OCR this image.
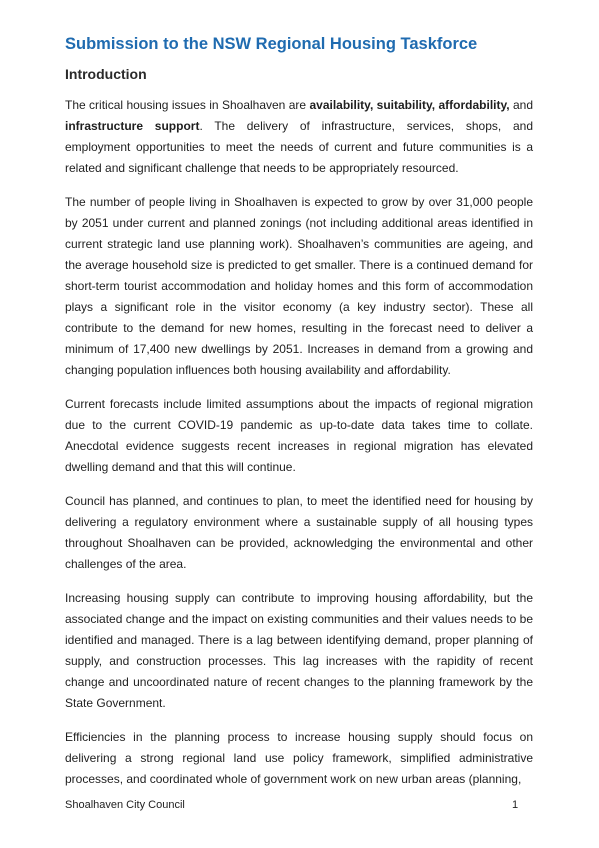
Submission to the NSW Regional Housing Taskforce
Introduction

The critical housing issues in Shoalhaven are availability, suitability, affordability, and infrastructure support. The delivery of infrastructure, services, shops, and employment opportunities to meet the needs of current and future communities is a related and significant challenge that needs to be appropriately resourced.

The number of people living in Shoalhaven is expected to grow by over 31,000 people by 2051 under current and planned zonings (not including additional areas identified in current strategic land use planning work). Shoalhaven’s communities are ageing, and the average household size is predicted to get smaller. There is a continued demand for short-term tourist accommodation and holiday homes and this form of accommodation plays a significant role in the visitor economy (a key industry sector). These all contribute to the demand for new homes, resulting in the forecast need to deliver a minimum of 17,400 new dwellings by 2051. Increases in demand from a growing and changing population influences both housing availability and affordability.

Current forecasts include limited assumptions about the impacts of regional migration due to the current COVID-19 pandemic as up-to-date data takes time to collate. Anecdotal evidence suggests recent increases in regional migration has elevated dwelling demand and that this will continue.

Council has planned, and continues to plan, to meet the identified need for housing by delivering a regulatory environment where a sustainable supply of all housing types throughout Shoalhaven can be provided, acknowledging the environmental and other challenges of the area.

Increasing housing supply can contribute to improving housing affordability, but the associated change and the impact on existing communities and their values needs to be identified and managed. There is a lag between identifying demand, proper planning of supply, and construction processes. This lag increases with the rapidity of recent change and uncoordinated nature of recent changes to the planning framework by the State Government.

Efficiencies in the planning process to increase housing supply should focus on delivering a strong regional land use policy framework, simplified administrative processes, and coordinated whole of government work on new urban areas (planning,

Shoalhaven City Council	1
